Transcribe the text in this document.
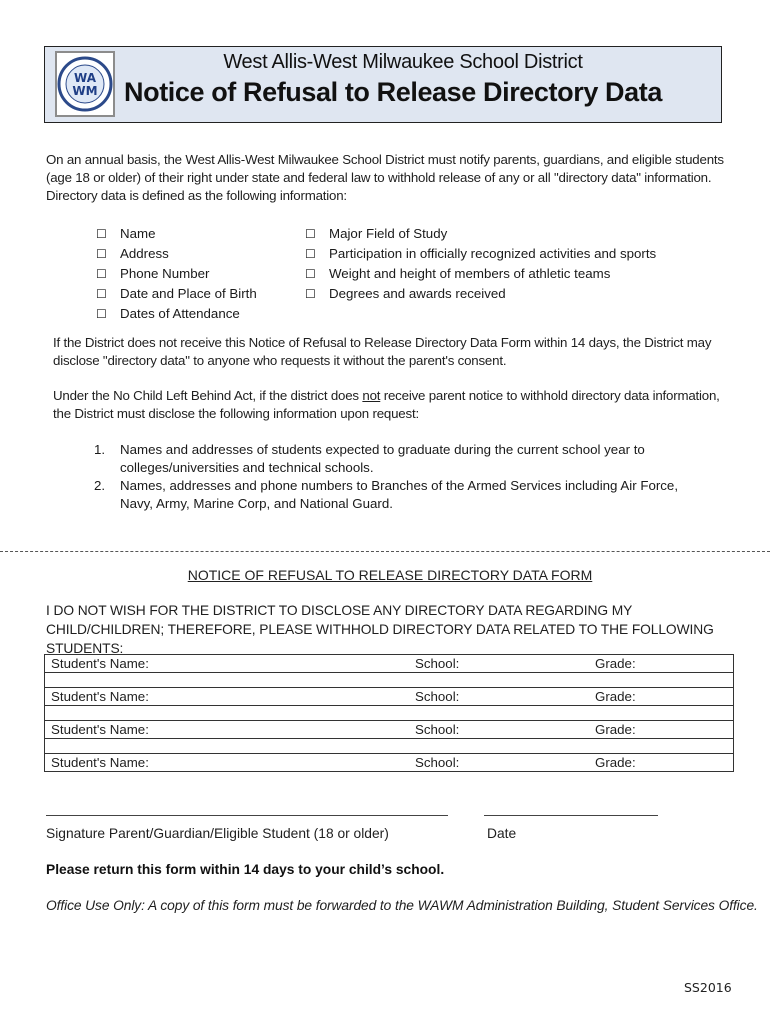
WA
WM
West Allis-West Milwaukee School District
Notice of Refusal to Release Directory Data
On an annual basis, the West Allis-West Milwaukee School District must notify parents, guardians, and eligible students (age 18 or older) of their right under state and federal law to withhold release of any or all "directory data" information. Directory data is defined as the following information:
☐ Name
☐ Address
☐ Phone Number
☐ Date and Place of Birth
☐ Dates of Attendance
☐ Major Field of Study
☐ Participation in officially recognized activities and sports
☐ Weight and height of members of athletic teams
☐ Degrees and awards received
If the District does not receive this Notice of Refusal to Release Directory Data Form within 14 days, the District may disclose "directory data" to anyone who requests it without the parent's consent.
Under the No Child Left Behind Act, if the district does not receive parent notice to withhold directory data information, the District must disclose the following information upon request:
1. Names and addresses of students expected to graduate during the current school year to colleges/universities and technical schools.
2. Names, addresses and phone numbers to Branches of the Armed Services including Air Force, Navy, Army, Marine Corp, and National Guard.
NOTICE OF REFUSAL TO RELEASE DIRECTORY DATA FORM
I DO NOT WISH FOR THE DISTRICT TO DISCLOSE ANY DIRECTORY DATA REGARDING MY CHILD/CHILDREN; THEREFORE, PLEASE WITHHOLD DIRECTORY DATA RELATED TO THE FOLLOWING STUDENTS:
Student's Name:	School:	Grade:

Student's Name:	School:	Grade:

Student's Name:	School:	Grade:

Student's Name:	School:	Grade:
Signature Parent/Guardian/Eligible Student (18 or older)	Date
Please return this form within 14 days to your child’s school.
Office Use Only: A copy of this form must be forwarded to the WAWM Administration Building, Student Services Office.
SS2016
